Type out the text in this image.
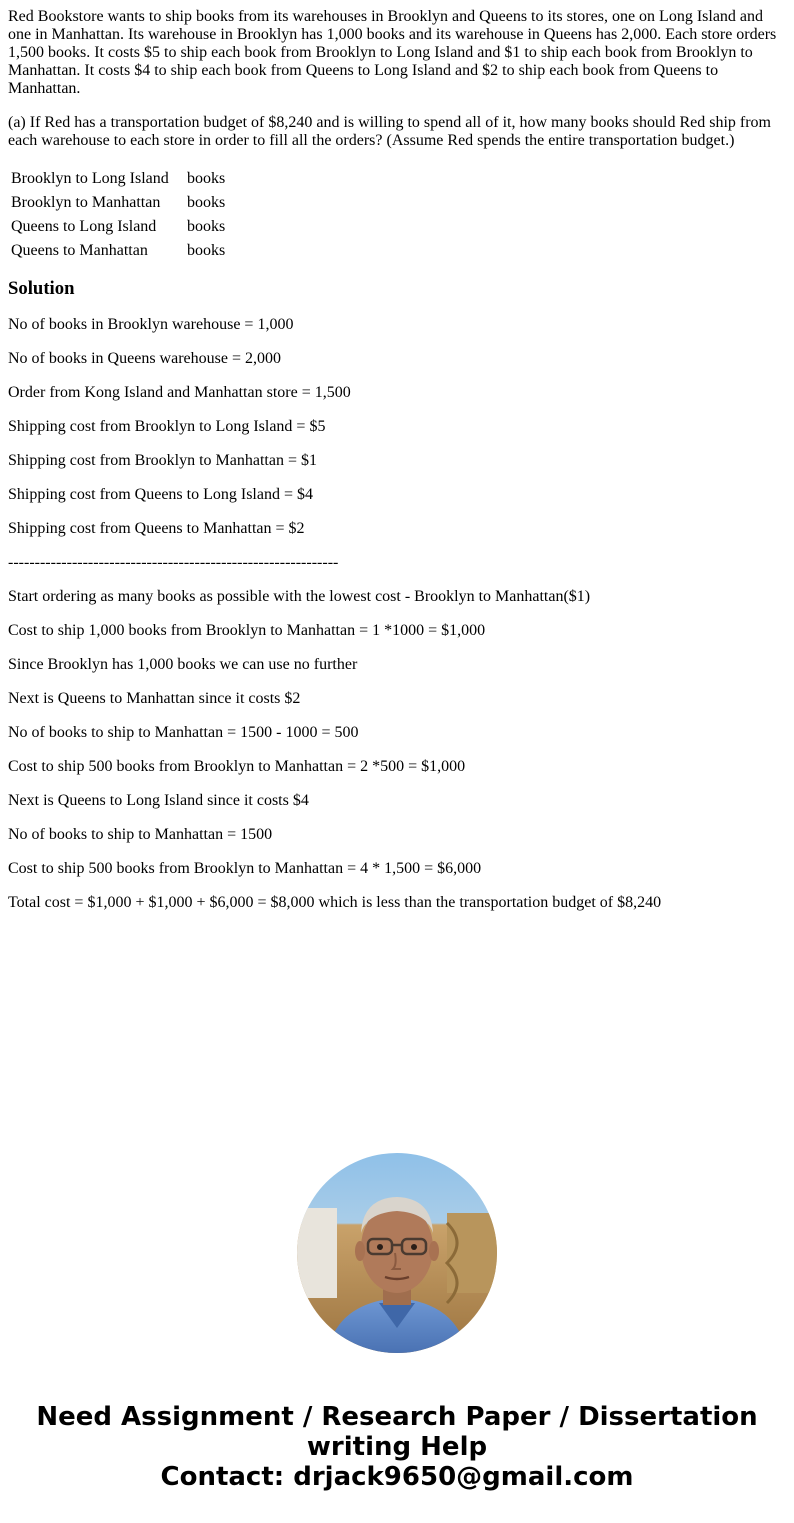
Red Bookstore wants to ship books from its warehouses in Brooklyn and Queens to its stores, one on Long Island and one in Manhattan. Its warehouse in Brooklyn has 1,000 books and its warehouse in Queens has 2,000. Each store orders 1,500 books. It costs $5 to ship each book from Brooklyn to Long Island and $1 to ship each book from Brooklyn to Manhattan. It costs $4 to ship each book from Queens to Long Island and $2 to ship each book from Queens to Manhattan.

(a) If Red has a transportation budget of $8,240 and is willing to spend all of it, how many books should Red ship from each warehouse to each store in order to fill all the orders? (Assume Red spends the entire transportation budget.)

Brooklyn to Long Island	books
Brooklyn to Manhattan	books
Queens to Long Island	books
Queens to Manhattan	books
Solution

No of books in Brooklyn warehouse = 1,000

No of books in Queens warehouse = 2,000

Order from Kong Island and Manhattan store = 1,500

Shipping cost from Brooklyn to Long Island = $5

Shipping cost from Brooklyn to Manhattan = $1

Shipping cost from Queens to Long Island = $4

Shipping cost from Queens to Manhattan = $2

--------------------------------------------------------------

Start ordering as many books as possible with the lowest cost - Brooklyn to Manhattan($1)

Cost to ship 1,000 books from Brooklyn to Manhattan = 1 *1000 = $1,000

Since Brooklyn has 1,000 books we can use no further

Next is Queens to Manhattan since it costs $2

No of books to ship to Manhattan = 1500 - 1000 = 500

Cost to ship 500 books from Brooklyn to Manhattan = 2 *500 = $1,000

Next is Queens to Long Island since it costs $4

No of books to ship to Manhattan = 1500

Cost to ship 500 books from Brooklyn to Manhattan = 4 * 1,500 = $6,000

Total cost = $1,000 + $1,000 + $6,000 = $8,000 which is less than the transportation budget of $8,240

Need Assignment / Research Paper / Dissertation
writing Help
Contact: drjack9650@gmail.com
